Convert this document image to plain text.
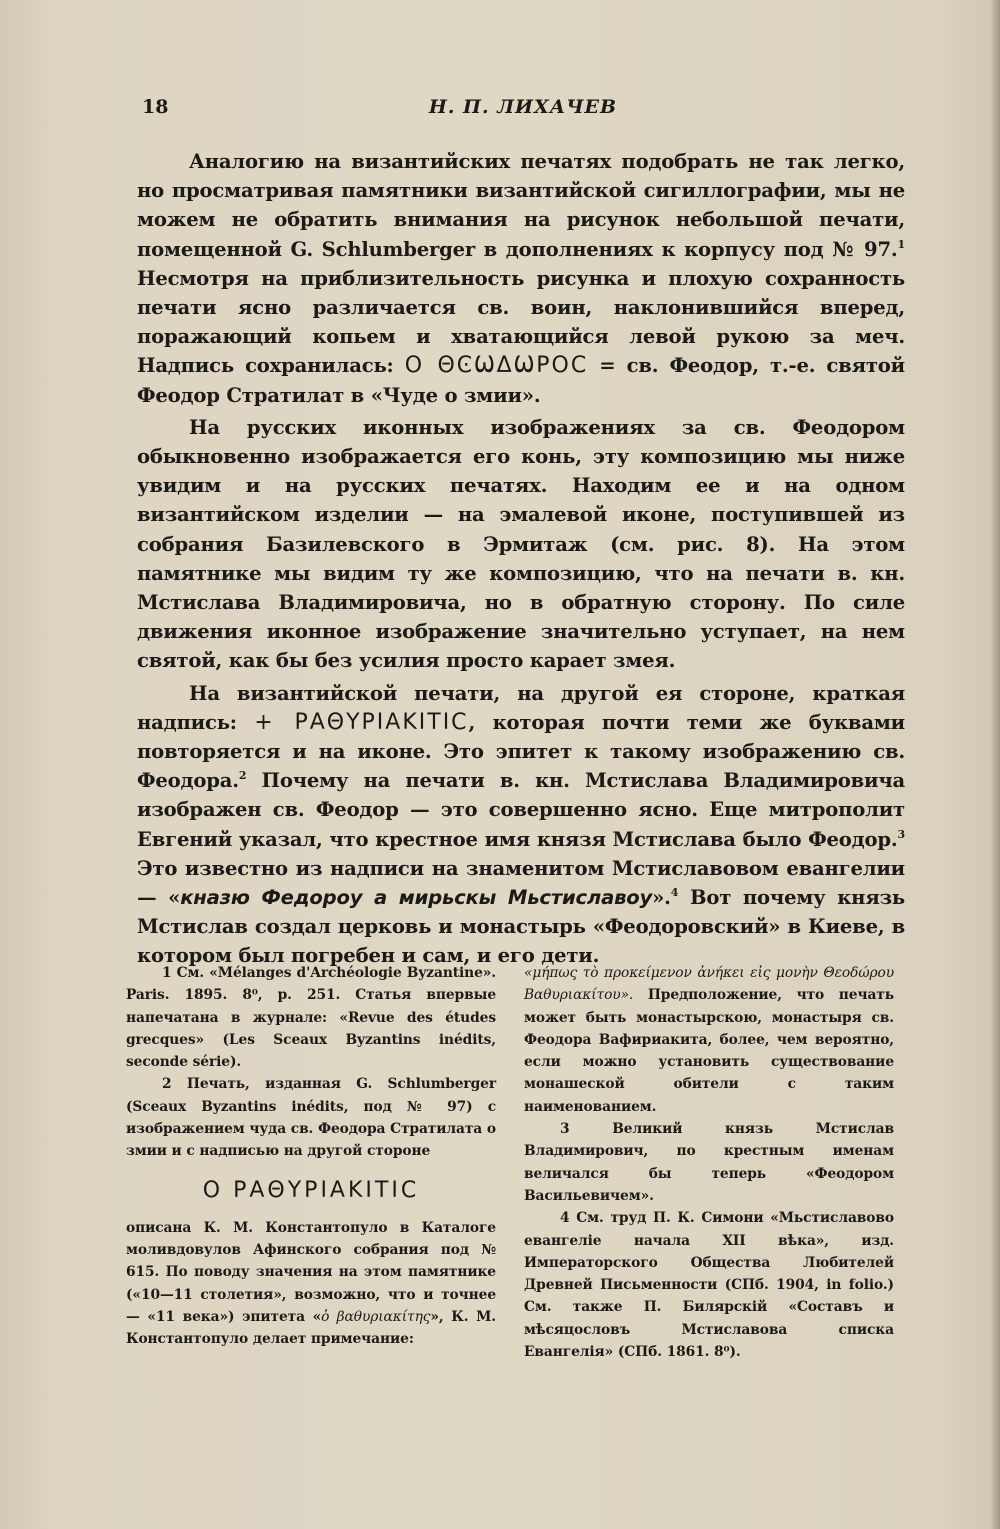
18	Н. П. ЛИХАЧЕВ

Аналогию на византийских печатях подобрать не так легко, но просматривая памятники византийской сигиллографии, мы не можем не обратить внимания на рисунок небольшой печати, помещенной G. Schlumberger в дополнениях к корпусу под № 97.$^1$ Несмотря на приблизительность рисунка и плохую сохранность печати ясно различается св. воин, наклонившийся вперед, поражающий копьем и хватающийся левой рукою за меч. Надпись сохранилась: Ο ΘϾѠΔѠΡΟϹ = св. Феодор, т.-е. святой Феодор Стратилат в «Чуде о змии».

На русских иконных изображениях за св. Феодором обыкновенно изображается его конь, эту композицию мы ниже увидим и на русских печатях. Находим ее и на одном византийском изделии — на эмалевой иконе, поступившей из собрания Базилевского в Эрмитаж (см. рис. 8). На этом памятнике мы видим ту же композицию, что на печати в. кн. Мстислава Владимировича, но в обратную сторону. По силе движения иконное изображение значительно уступает, на нем святой, как бы без усилия просто карает змея.

На византийской печати, на другой ея стороне, краткая надпись: + ΡΑΘΥΡΙΑΚΙΤΙϹ, которая почти теми же буквами повторяется и на иконе. Это эпитет к такому изображению св. Феодора.$^2$ Почему на печати в. кн. Мстислава Владимировича изображен св. Феодор — это совершенно ясно. Еще митрополит Евгений указал, что крестное имя князя Мстислава было Феодор.$^3$ Это известно из надписи на знаменитом Мстиславовом евангелии — «кназю Федороу а мирьскы Мьстиславоу».$^4$ Вот почему князь Мстислав создал церковь и монастырь «Феодоровский» в Киеве, в котором был погребен и сам, и его дети.

1 См. «Mélanges d'Archéologie Byzantine». Paris. 1895. 8⁰, p. 251. Статья впервые напечатана в журнале: «Revue des études grecques» (Les Sceaux Byzantins inédits, seconde série).

2 Печать, изданная G. Schlumberger (Sceaux Byzantins inédits, под № 97) с изображением чуда св. Феодора Стратилата о змии и с надписью на другой стороне

Ο ΡΑΘΥΡΙΑΚΙΤΙϹ

описана К. М. Константопуло в Каталоге моливдовулов Афинского собрания под № 615. По поводу значения на этом памятнике («10—11 столетия», возможно, что и точнее — «11 века») эпитета «ὁ βαθυριακίτης», К. М. Константопуло делает примечание:

«μήπως τὸ προκείμενον ἀνήκει εἰς μονὴν Θεοδώρου Βαθυριακίτου». Предположение, что печать может быть монастырскою, монастыря св. Феодора Вафириакита, более, чем вероятно, если можно установить существование монашеской обители с таким наименованием.

3 Великий князь Мстислав Владимирович, по крестным именам величался бы теперь «Феодором Васильевичем».

4 См. труд П. К. Симони «Мьстиславово евангеліе начала XII вѣка», изд. Императорского Общества Любителей Древней Письменности (СПб. 1904, in folio.) См. также П. Билярскій «Составъ и мѣсяцословъ Мстиславова списка Евангелія» (СПб. 1861. 8⁰).
